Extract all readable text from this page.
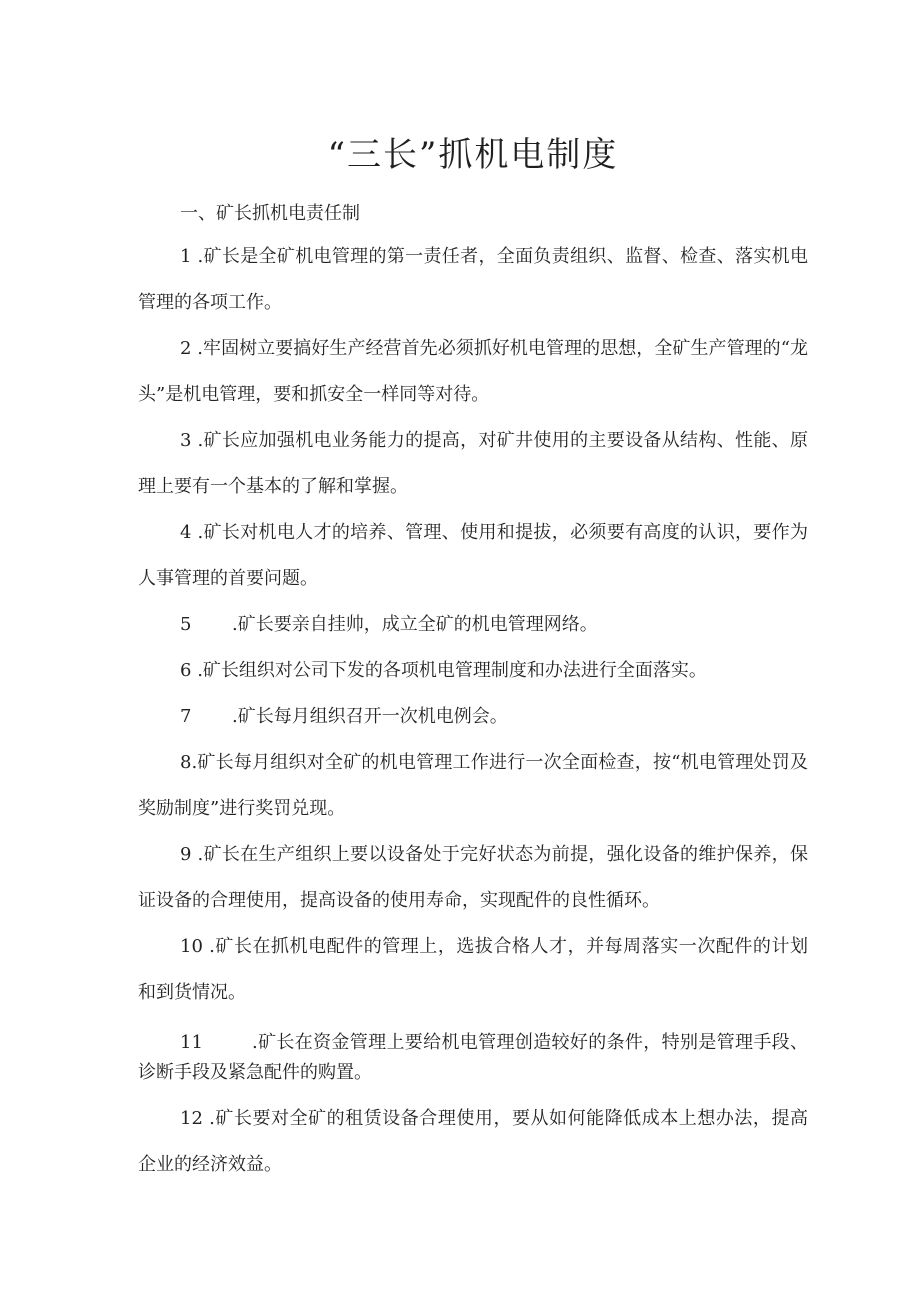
“三长”抓机电制度
一、矿长抓机电责任制

1 .矿长是全矿机电管理的第一责任者，全面负责组织、监督、检查、落实机电管理的各项工作。

2 .牢固树立要搞好生产经营首先必须抓好机电管理的思想，全矿生产管理的“龙头”是机电管理，要和抓安全一样同等对待。

3 .矿长应加强机电业务能力的提高，对矿井使用的主要设备从结构、性能、原理上要有一个基本的了解和掌握。

4 .矿长对机电人才的培养、管理、使用和提拔，必须要有高度的认识，要作为人事管理的首要问题。

5 .矿长要亲自挂帅，成立全矿的机电管理网络。

6 .矿长组织对公司下发的各项机电管理制度和办法进行全面落实。

7 .矿长每月组织召开一次机电例会。

8.矿长每月组织对全矿的机电管理工作进行一次全面检查，按“机电管理处罚及奖励制度”进行奖罚兑现。

9 .矿长在生产组织上要以设备处于完好状态为前提，强化设备的维护保养，保证设备的合理使用，提高设备的使用寿命，实现配件的良性循环。

10 .矿长在抓机电配件的管理上，选拔合格人才，并每周落实一次配件的计划和到货情况。

11	.矿长在资金管理上要给机电管理创造较好的条件，特别是管理手段、诊断手段及紧急配件的购置。

12 .矿长要对全矿的租赁设备合理使用，要从如何能降低成本上想办法，提高企业的经济效益。
